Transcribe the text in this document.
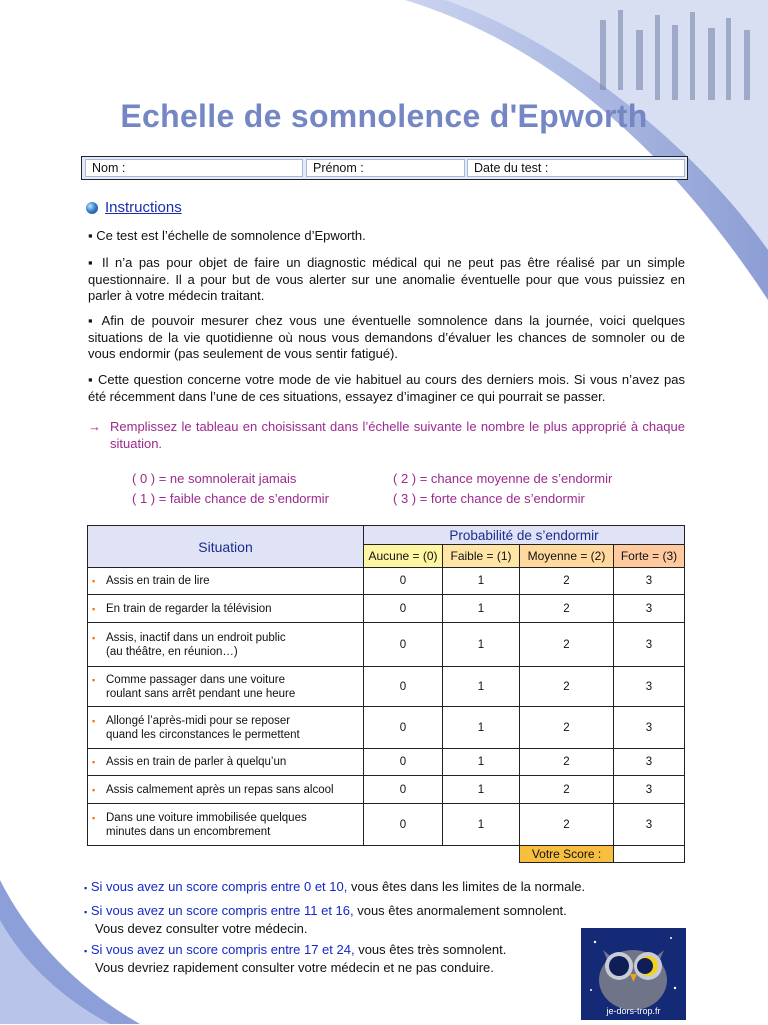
Echelle de somnolence d'Epworth
Nom :	Prénom :	Date du test :
Instructions
▪ Ce test est l’échelle de somnolence d’Epworth.
▪ Il n’a pas pour objet de faire un diagnostic médical qui ne peut pas être réalisé par un simple questionnaire. Il a pour but de vous alerter sur une anomalie éventuelle pour que vous puissiez en parler à votre médecin traitant.
▪ Afin de pouvoir mesurer chez vous une éventuelle somnolence dans la journée, voici quelques situations de la vie quotidienne où nous vous demandons d’évaluer les chances de somnoler ou de vous endormir (pas seulement de vous sentir fatigué).
▪ Cette question concerne votre mode de vie habituel au cours des derniers mois. Si vous n’avez pas été récemment dans l’une de ces situations, essayez d’imaginer ce qui pourrait se passer.
→ Remplissez le tableau en choisissant dans l’échelle suivante le nombre le plus approprié à chaque situation.
( 0 ) = ne somnolerait jamais
( 1 ) = faible chance de s’endormir
( 2 ) = chance moyenne de s’endormir
( 3 ) = forte chance de s’endormir
Situation	Probabilité de s’endormir			
	Aucune = (0)	Faible = (1)	Moyenne = (2)	Forte = (3)

▪ Assis en train de lire	0	1	2	3

▪ En train de regarder la télévision	0	1	2	3

▪ Assis, inactif dans un endroit public
(au théâtre, en réunion…)	0	1	2	3

▪ Comme passager dans une voiture
roulant sans arrêt pendant une heure	0	1	2	3

▪ Allongé l’après-midi pour se reposer
quand les circonstances le permettent	0	1	2	3

▪ Assis en train de parler à quelqu’un	0	1	2	3

▪ Assis calmement après un repas sans alcool	0	1	2	3

▪ Dans une voiture immobilisée quelques
minutes dans un encombrement	0	1	2	3
			Votre Score :	
▪ Si vous avez un score compris entre 0 et 10, vous êtes dans les limites de la normale.
▪ Si vous avez un score compris entre 11 et 16, vous êtes anormalement somnolent.
Vous devez consulter votre médecin.
▪ Si vous avez un score compris entre 17 et 24, vous êtes très somnolent.
Vous devriez rapidement consulter votre médecin et ne pas conduire.
je-dors-trop.fr
